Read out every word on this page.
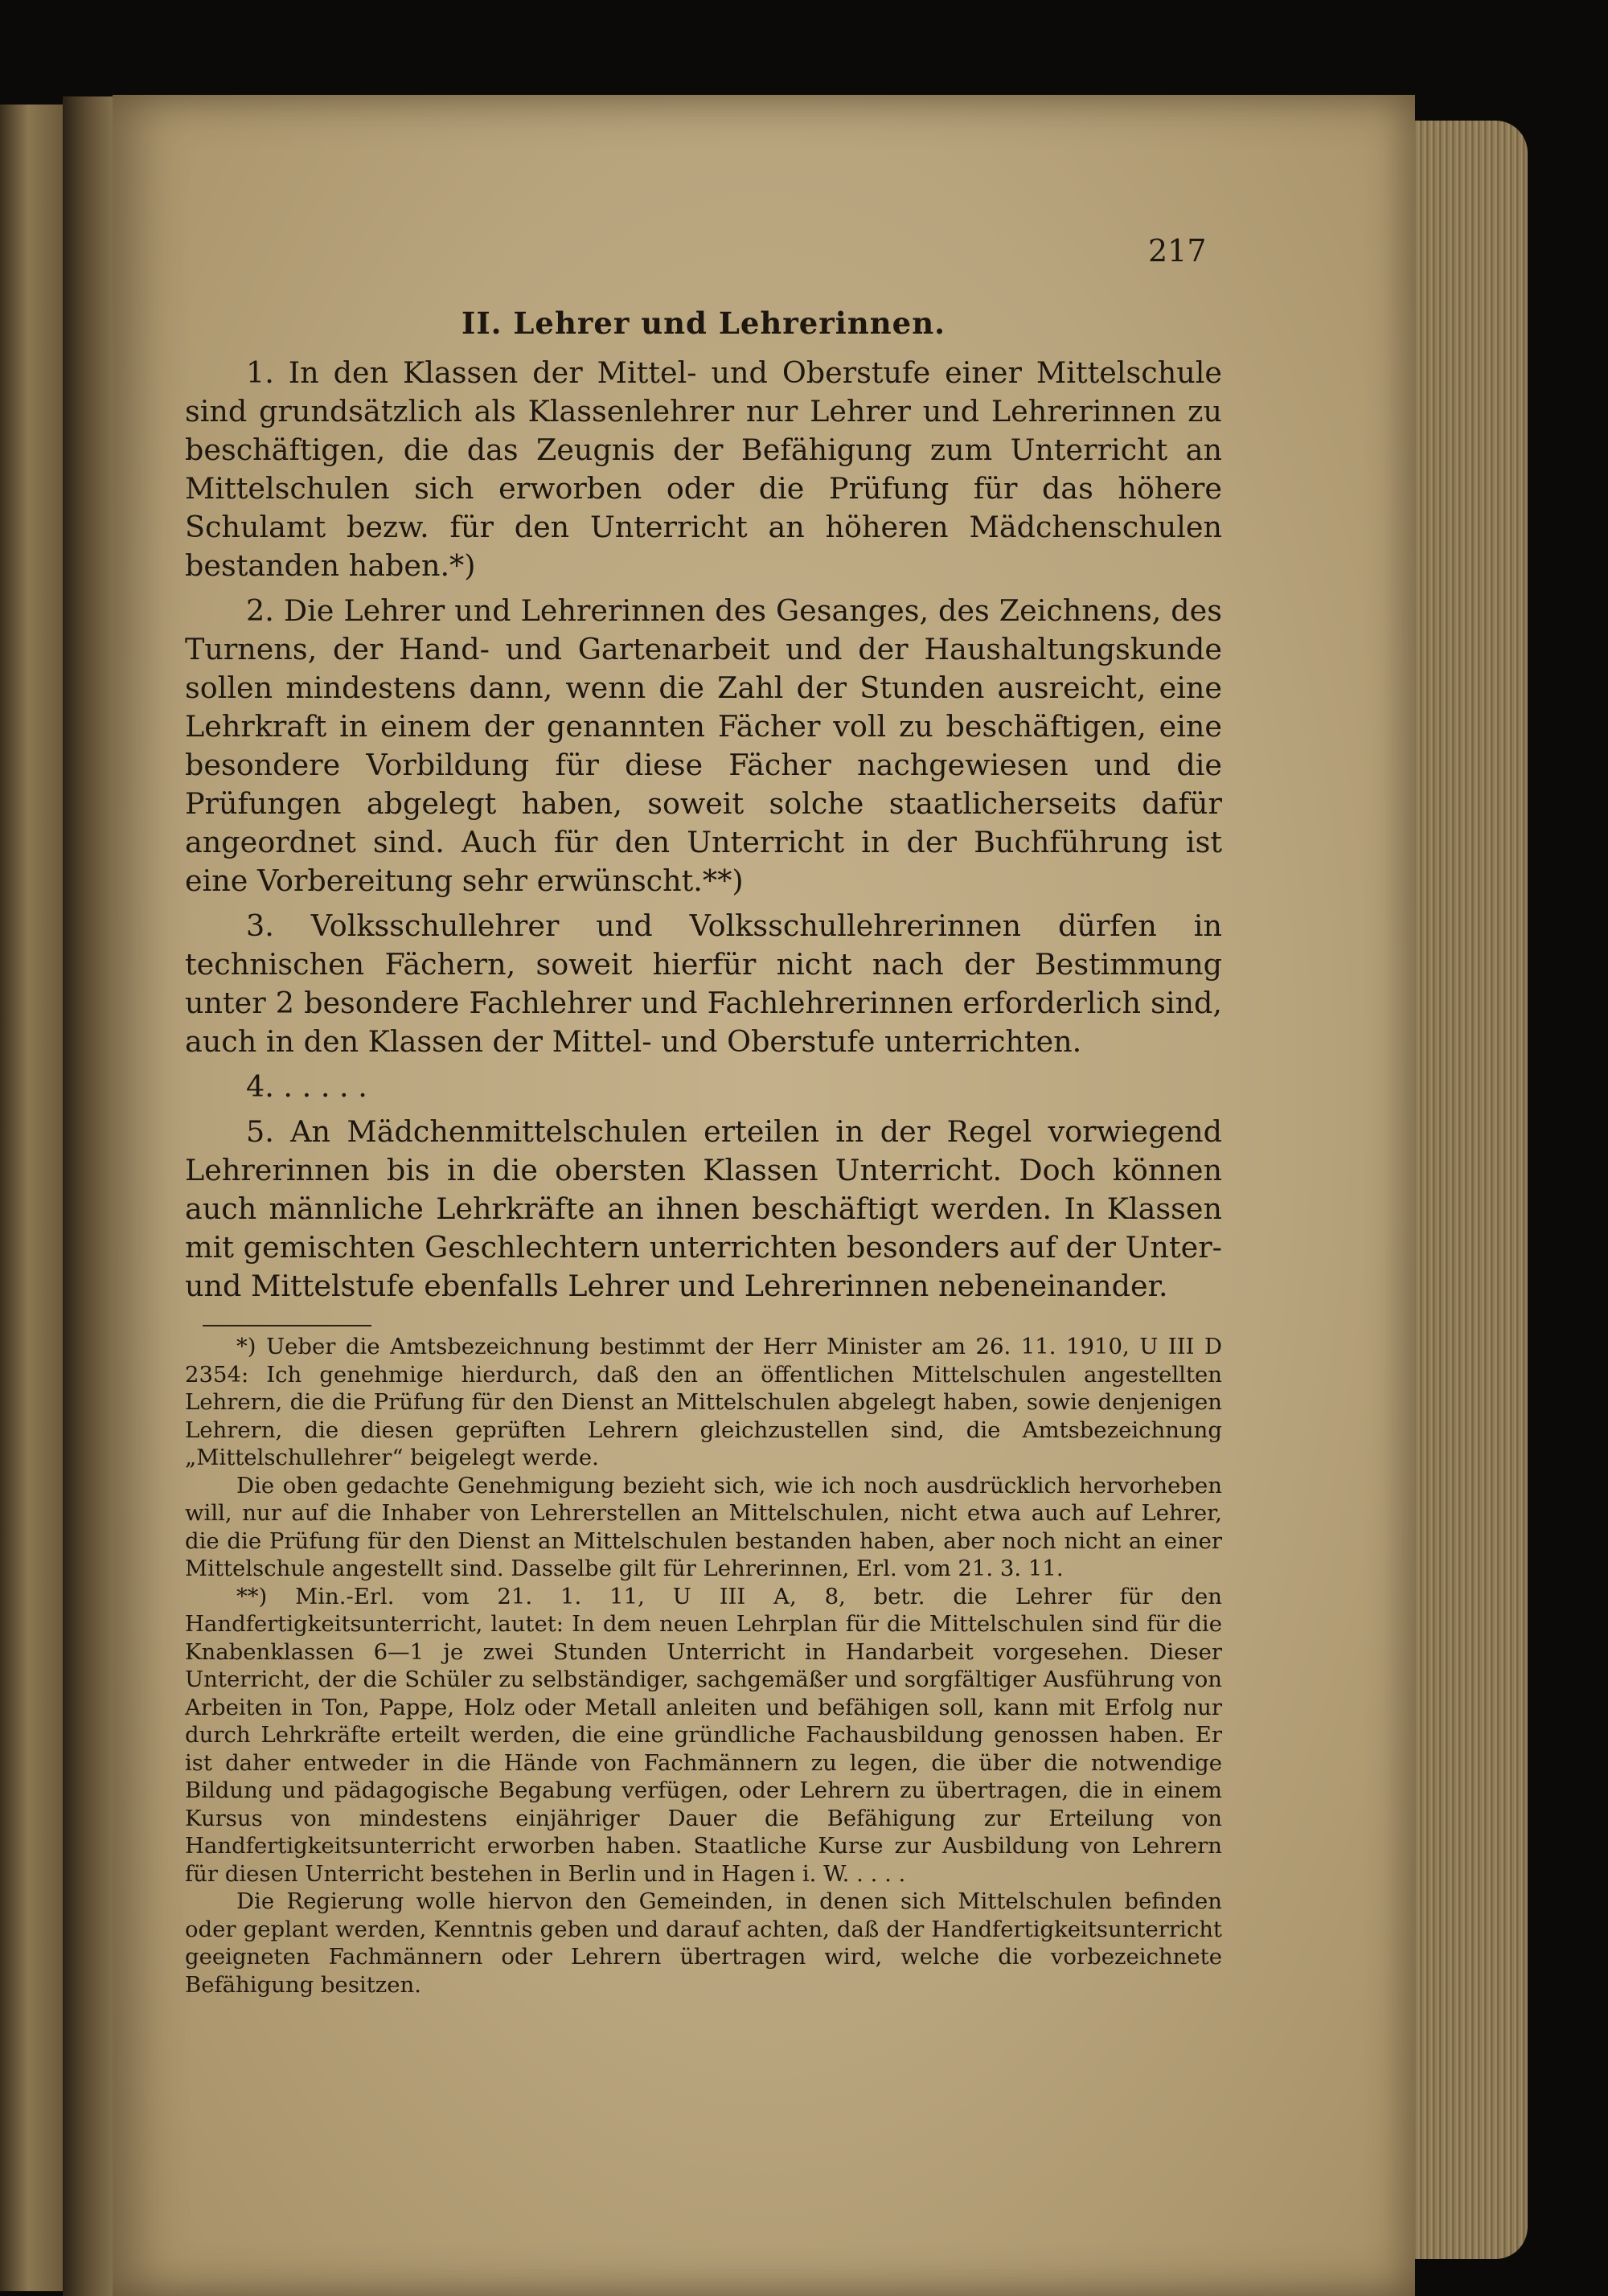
217
II. Lehrer und Lehrerinnen.

1. In den Klassen der Mittel- und Oberstufe einer Mittelschule sind grundsätzlich als Klassenlehrer nur Lehrer und Lehrerinnen zu beschäftigen, die das Zeugnis der Befähigung zum Unterricht an Mittelschulen sich erworben oder die Prüfung für das höhere Schulamt bezw. für den Unterricht an höheren Mädchenschulen bestanden haben.*)

2. Die Lehrer und Lehrerinnen des Gesanges, des Zeichnens, des Turnens, der Hand- und Gartenarbeit und der Haushaltungskunde sollen mindestens dann, wenn die Zahl der Stunden ausreicht, eine Lehrkraft in einem der genannten Fächer voll zu beschäftigen, eine besondere Vorbildung für diese Fächer nachgewiesen und die Prüfungen abgelegt haben, soweit solche staatlicherseits dafür angeordnet sind. Auch für den Unterricht in der Buchführung ist eine Vorbereitung sehr erwünscht.**)

3. Volksschullehrer und Volksschullehrerinnen dürfen in technischen Fächern, soweit hierfür nicht nach der Bestimmung unter 2 besondere Fachlehrer und Fachlehrerinnen erforderlich sind, auch in den Klassen der Mittel- und Oberstufe unterrichten.

4. . . . . .

5. An Mädchenmittelschulen erteilen in der Regel vorwiegend Lehrerinnen bis in die obersten Klassen Unterricht. Doch können auch männliche Lehrkräfte an ihnen beschäftigt werden. In Klassen mit gemischten Geschlechtern unterrichten besonders auf der Unter- und Mittelstufe ebenfalls Lehrer und Lehrerinnen nebeneinander.

*) Ueber die Amtsbezeichnung bestimmt der Herr Minister am 26. 11. 1910, U III D 2354: Ich genehmige hierdurch, daß den an öffentlichen Mittelschulen angestellten Lehrern, die die Prüfung für den Dienst an Mittelschulen abgelegt haben, sowie denjenigen Lehrern, die diesen geprüften Lehrern gleichzustellen sind, die Amtsbezeichnung „Mittelschullehrer“ beigelegt werde.

Die oben gedachte Genehmigung bezieht sich, wie ich noch ausdrücklich hervorheben will, nur auf die Inhaber von Lehrerstellen an Mittelschulen, nicht etwa auch auf Lehrer, die die Prüfung für den Dienst an Mittelschulen bestanden haben, aber noch nicht an einer Mittelschule angestellt sind. Dasselbe gilt für Lehrerinnen, Erl. vom 21. 3. 11.

**) Min.-Erl. vom 21. 1. 11, U III A, 8, betr. die Lehrer für den Handfertigkeitsunterricht, lautet: In dem neuen Lehrplan für die Mittelschulen sind für die Knabenklassen 6—1 je zwei Stunden Unterricht in Handarbeit vorgesehen. Dieser Unterricht, der die Schüler zu selbständiger, sachgemäßer und sorgfältiger Ausführung von Arbeiten in Ton, Pappe, Holz oder Metall anleiten und befähigen soll, kann mit Erfolg nur durch Lehrkräfte erteilt werden, die eine gründliche Fachausbildung genossen haben. Er ist daher entweder in die Hände von Fachmännern zu legen, die über die notwendige Bildung und pädagogische Begabung verfügen, oder Lehrern zu übertragen, die in einem Kursus von mindestens einjähriger Dauer die Befähigung zur Erteilung von Handfertigkeitsunterricht erworben haben. Staatliche Kurse zur Ausbildung von Lehrern für diesen Unterricht bestehen in Berlin und in Hagen i. W. . . . .

Die Regierung wolle hiervon den Gemeinden, in denen sich Mittelschulen befinden oder geplant werden, Kenntnis geben und darauf achten, daß der Handfertigkeitsunterricht geeigneten Fachmännern oder Lehrern übertragen wird, welche die vorbezeichnete Befähigung besitzen.
